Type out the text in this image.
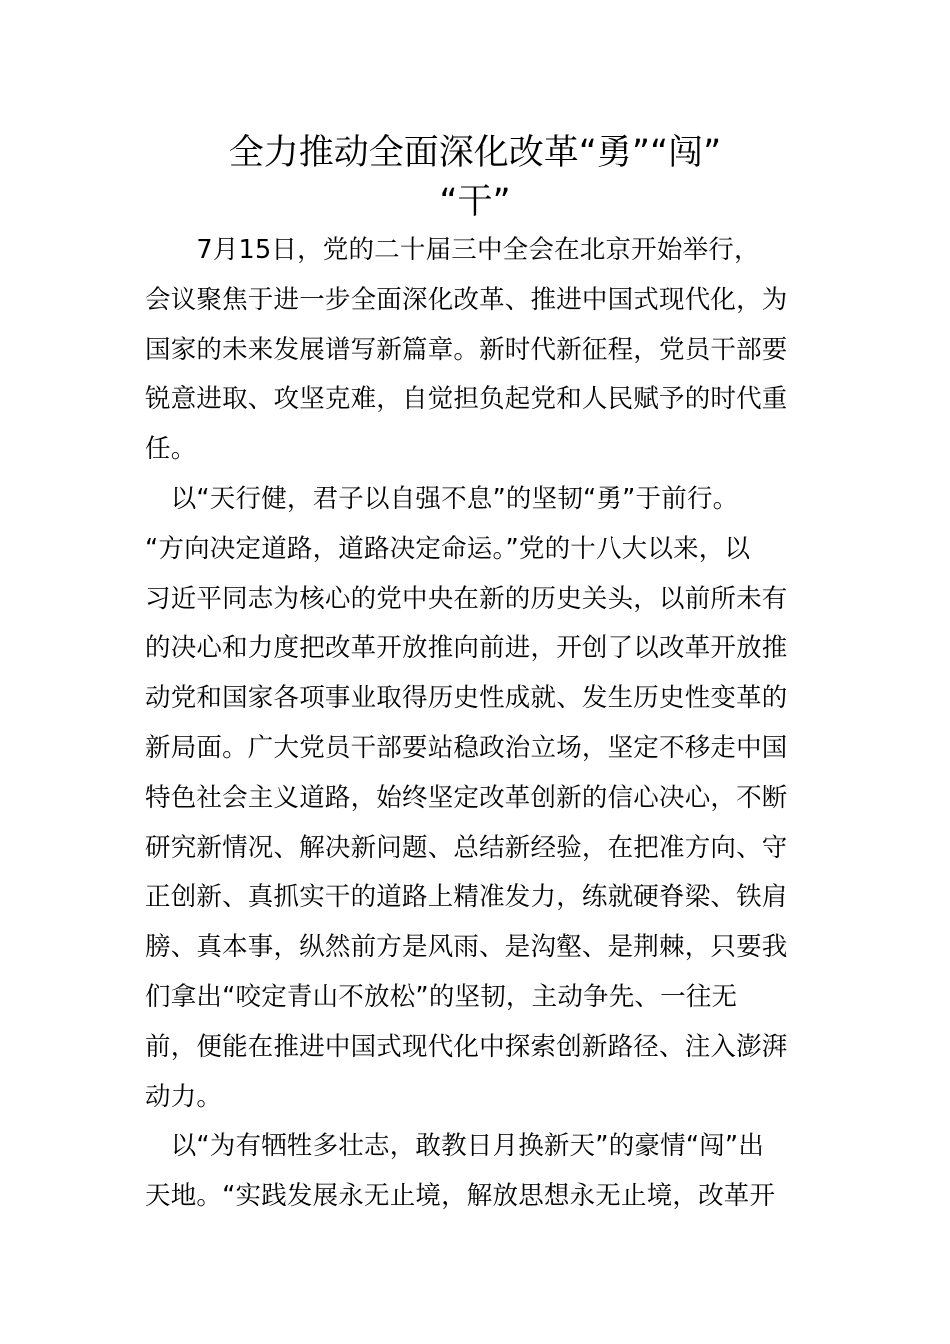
全力推动全面深化改革“勇”“闯”
“干”

　　7月15日，党的二十届三中全会在北京开始举行，
会议聚焦于进一步全面深化改革、推进中国式现代化，为
国家的未来发展谱写新篇章。新时代新征程，党员干部要
锐意进取、攻坚克难，自觉担负起党和人民赋予的时代重
任。

　以“天行健，君子以自强不息”的坚韧“勇”于前行。
“方向决定道路，道路决定命运。”党的十八大以来，以
习近平同志为核心的党中央在新的历史关头，以前所未有
的决心和力度把改革开放推向前进，开创了以改革开放推
动党和国家各项事业取得历史性成就、发生历史性变革的
新局面。广大党员干部要站稳政治立场，坚定不移走中国
特色社会主义道路，始终坚定改革创新的信心决心，不断
研究新情况、解决新问题、总结新经验，在把准方向、守
正创新、真抓实干的道路上精准发力，练就硬脊梁、铁肩
膀、真本事，纵然前方是风雨、是沟壑、是荆棘，只要我
们拿出“咬定青山不放松”的坚韧，主动争先、一往无
前，便能在推进中国式现代化中探索创新路径、注入澎湃
动力。

　以“为有牺牲多壮志，敢教日月换新天”的豪情“闯”出
天地。“实践发展永无止境，解放思想永无止境，改革开
